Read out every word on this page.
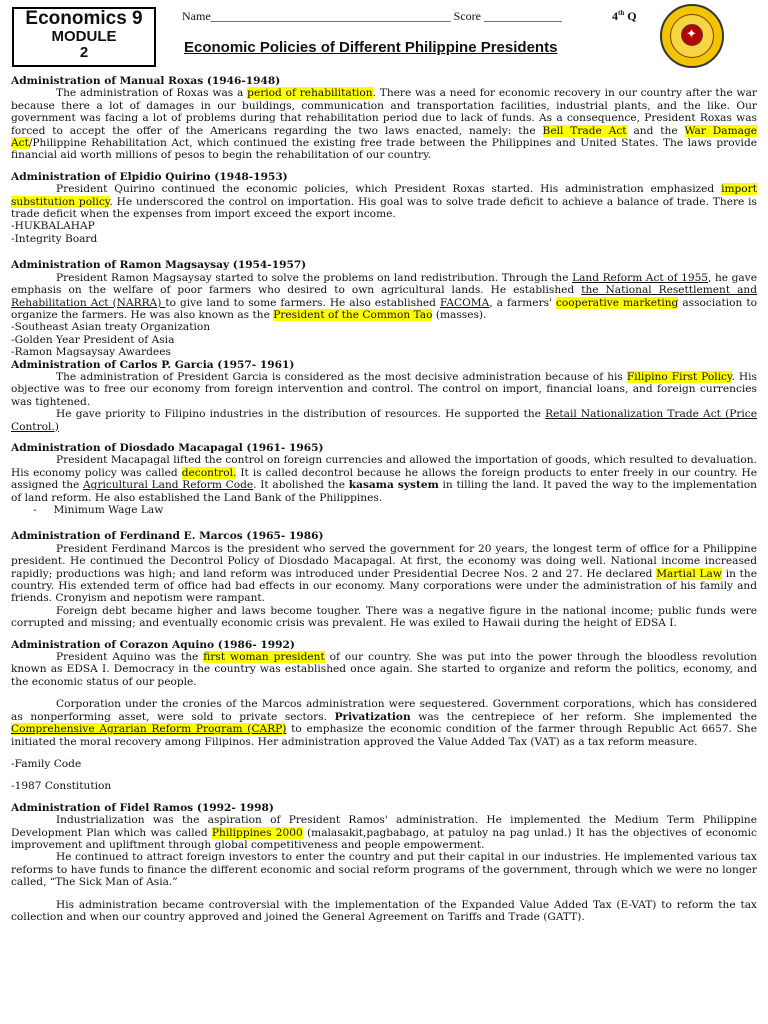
Economics 9
MODULE
2
Name________________________________________ Score _____________	4th Q
Economic Policies of Different Philippine Presidents
✦

Administration of Manual Roxas (1946-1948)

The administration of Roxas was a period of rehabilitation. There was a need for economic recovery in our country after the war because there a lot of damages in our buildings, communication and transportation facilities, industrial plants, and the like. Our government was facing a lot of problems during that rehabilitation period due to lack of funds. As a consequence, President Roxas was forced to accept the offer of the Americans regarding the two laws enacted, namely: the Bell Trade Act and the War Damage Act/Philippine Rehabilitation Act, which continued the existing free trade between the Philippines and United States. The laws provide financial aid worth millions of pesos to begin the rehabilitation of our country.

Administration of Elpidio Quirino (1948-1953)

President Quirino continued the economic policies, which President Roxas started. His administration emphasized import substitution policy. He underscored the control on importation. His goal was to solve trade deficit to achieve a balance of trade. There is trade deficit when the expenses from import exceed the export income.

-HUKBALAHAP

-Integrity Board

Administration of Ramon Magsaysay (1954-1957)

President Ramon Magsaysay started to solve the problems on land redistribution. Through the Land Reform Act of 1955, he gave emphasis on the welfare of poor farmers who desired to own agricultural lands. He established the National Resettlement and Rehabilitation Act (NARRA) to give land to some farmers. He also established FACOMA, a farmers' cooperative marketing association to organize the farmers. He was also known as the President of the Common Tao (masses).

-Southeast Asian treaty Organization

-Golden Year President of Asia

-Ramon Magsaysay Awardees

Administration of Carlos P. Garcia (1957- 1961)

The administration of President Garcia is considered as the most decisive administration because of his Filipino First Policy. His objective was to free our economy from foreign intervention and control. The control on import, financial loans, and foreign currencies was tightened.

He gave priority to Filipino industries in the distribution of resources. He supported the Retail Nationalization Trade Act (Price Control.)

Administration of Diosdado Macapagal (1961- 1965)

President Macapagal lifted the control on foreign currencies and allowed the importation of goods, which resulted to devaluation. His economy policy was called decontrol. It is called decontrol because he allows the foreign products to enter freely in our country. He assigned the Agricultural Land Reform Code. It abolished the kasama system in tilling the land. It paved the way to the implementation of land reform. He also established the Land Bank of the Philippines.

- Minimum Wage Law

Administration of Ferdinand E. Marcos (1965- 1986)

President Ferdinand Marcos is the president who served the government for 20 years, the longest term of office for a Philippine president. He continued the Decontrol Policy of Diosdado Macapagal. At first, the economy was doing well. National income increased rapidly; productions was high; and land reform was introduced under Presidential Decree Nos. 2 and 27. He declared Martial Law in the country. His extended term of office had bad effects in our economy. Many corporations were under the administration of his family and friends. Cronyism and nepotism were rampant.

Foreign debt became higher and laws become tougher. There was a negative figure in the national income; public funds were corrupted and missing; and eventually economic crisis was prevalent. He was exiled to Hawaii during the height of EDSA I.

Administration of Corazon Aquino (1986- 1992)

President Aquino was the first woman president of our country. She was put into the power through the bloodless revolution known as EDSA I. Democracy in the country was established once again. She started to organize and reform the politics, economy, and the economic status of our people.

Corporation under the cronies of the Marcos administration were sequestered. Government corporations, which has considered as nonperforming asset, were sold to private sectors. Privatization was the centrepiece of her reform. She implemented the Comprehensive Agrarian Reform Program (CARP) to emphasize the economic condition of the farmer through Republic Act 6657. She initiated the moral recovery among Filipinos. Her administration approved the Value Added Tax (VAT) as a tax reform measure.

-Family Code

-1987 Constitution

Administration of Fidel Ramos (1992- 1998)

Industrialization was the aspiration of President Ramos' administration. He implemented the Medium Term Philippine Development Plan which was called Philippines 2000 (malasakit,pagbabago, at patuloy na pag unlad.) It has the objectives of economic improvement and upliftment through global competitiveness and people empowerment.

He continued to attract foreign investors to enter the country and put their capital in our industries. He implemented various tax reforms to have funds to finance the different economic and social reform programs of the government, through which we were no longer called, “The Sick Man of Asia.”

His administration became controversial with the implementation of the Expanded Value Added Tax (E-VAT) to reform the tax collection and when our country approved and joined the General Agreement on Tariffs and Trade (GATT).
